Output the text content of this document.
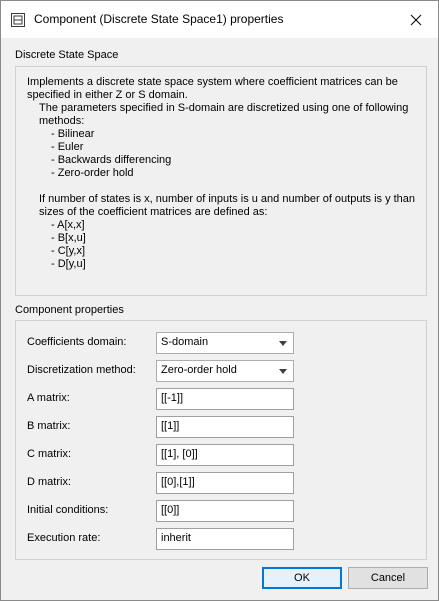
Component (Discrete State Space1) properties
Discrete State Space

Implements a discrete state space system where coefficient matrices can be specified in either Z or S domain.

The parameters specified in S-domain are discretized using one of following methods:

- Bilinear

- Euler

- Backwards differencing

- Zero-order hold

If number of states is x, number of inputs is u and number of outputs is y than sizes of the coefficient matrices are defined as:

- A[x,x]

- B[x,u]

- C[y,x]

- D[y,u]

Component properties
Coefficients domain:	S-domain
Discretization method:	Zero-order hold
A matrix:	[[-1]]
B matrix:	[[1]]
C matrix:	[[1], [0]]
D matrix:	[[0],[1]]
Initial conditions:	[[0]]
Execution rate:	inherit
OK	Cancel
